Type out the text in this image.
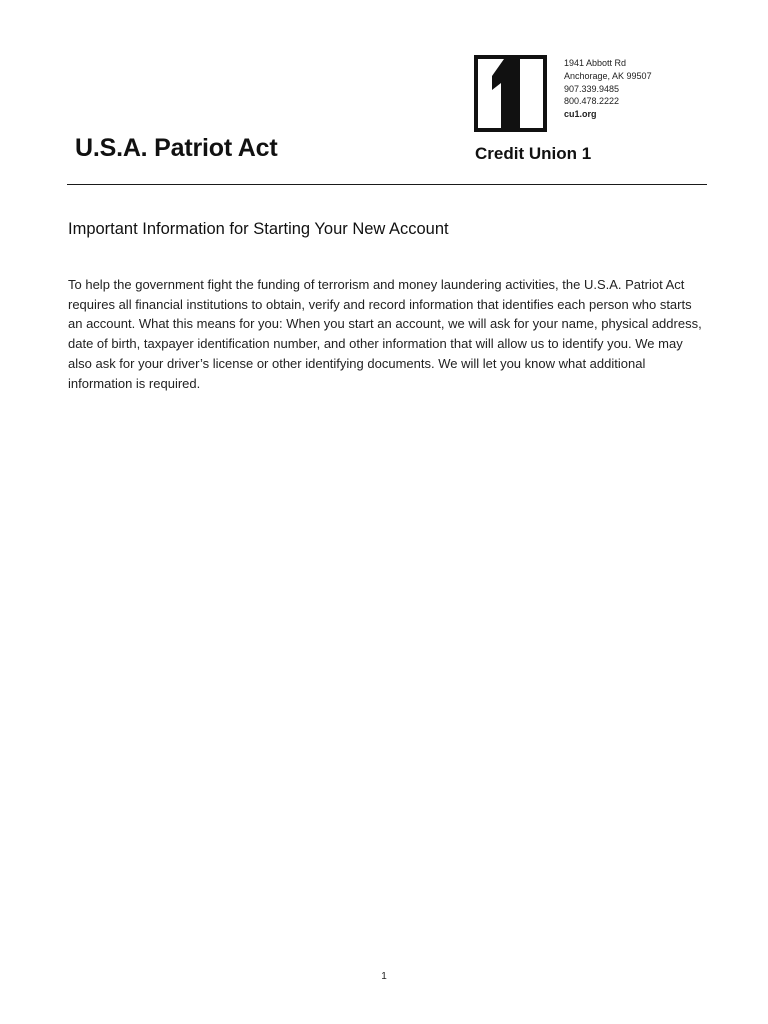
U.S.A. Patriot Act
1941 Abbott Rd
Anchorage, AK 99507
907.339.9485
800.478.2222
cu1.org
Credit Union 1
Important Information for Starting Your New Account

To help the government fight the funding of terrorism and money laundering activities, the U.S.A. Patriot Act requires all financial institutions to obtain, verify and record information that identifies each person who starts an account. What this means for you: When you start an account, we will ask for your name, physical address, date of birth, taxpayer identification number, and other information that will allow us to identify you. We may also ask for your driver’s license or other identifying documents. We will let you know what additional information is required.

1
